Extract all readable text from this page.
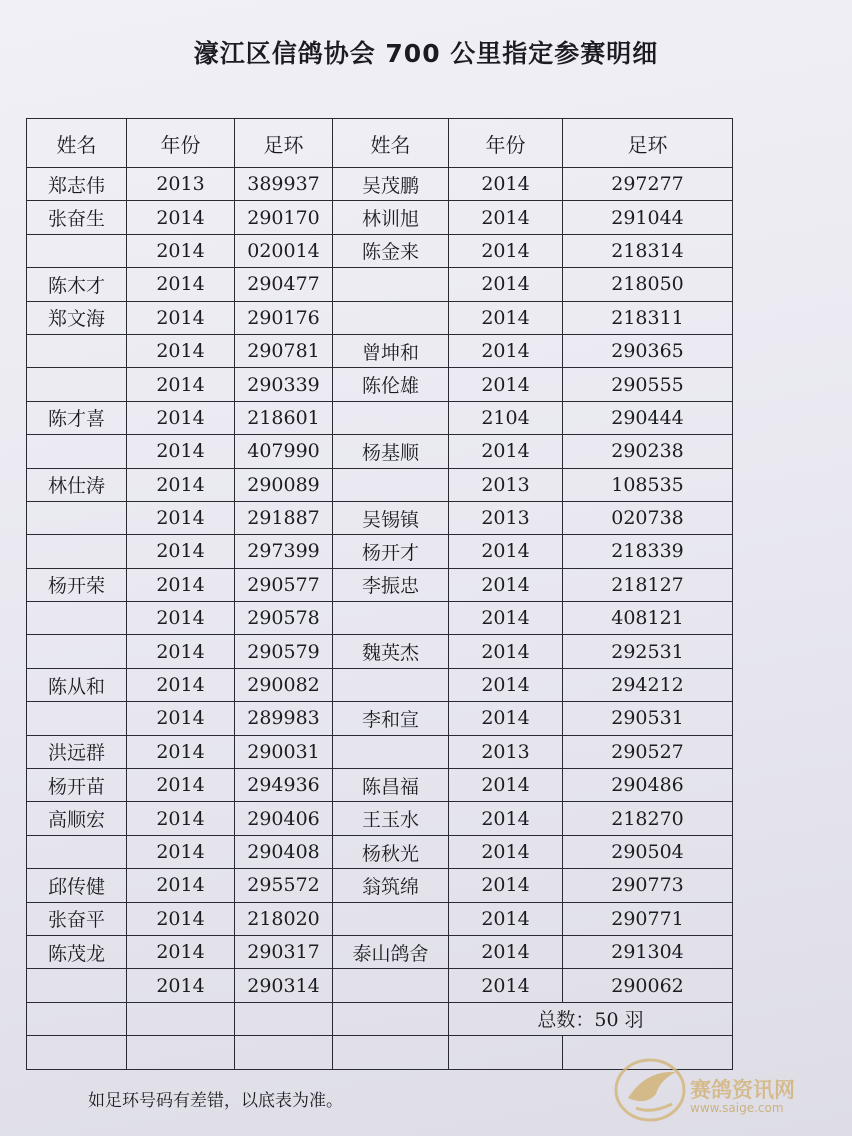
濠江区信鸽协会 700 公里指定参赛明细
姓名	年份	足环	姓名	年份	足环
郑志伟	2013	389937	吴茂鹏	2014	297277
张奋生	2014	290170	林训旭	2014	291044
	2014	020014	陈金来	2014	218314
陈木才	2014	290477		2014	218050
郑文海	2014	290176		2014	218311
	2014	290781	曾坤和	2014	290365
	2014	290339	陈伦雄	2014	290555
陈才喜	2014	218601		2104	290444
	2014	407990	杨基顺	2014	290238
林仕涛	2014	290089		2013	108535
	2014	291887	吴锡镇	2013	020738
	2014	297399	杨开才	2014	218339
杨开荣	2014	290577	李振忠	2014	218127
	2014	290578		2014	408121
	2014	290579	魏英杰	2014	292531
陈从和	2014	290082		2014	294212
	2014	289983	李和宣	2014	290531
洪远群	2014	290031		2013	290527
杨开苗	2014	294936	陈昌福	2014	290486
高顺宏	2014	290406	王玉水	2014	218270
	2014	290408	杨秋光	2014	290504
邱传健	2014	295572	翁筑绵	2014	290773
张奋平	2014	218020		2014	290771
陈茂龙	2014	290317	泰山鸽舍	2014	291304
	2014	290314		2014	290062
				总数：50 羽	

如足环号码有差错，以底表为准。	赛鸽资讯网
www.saige.com
